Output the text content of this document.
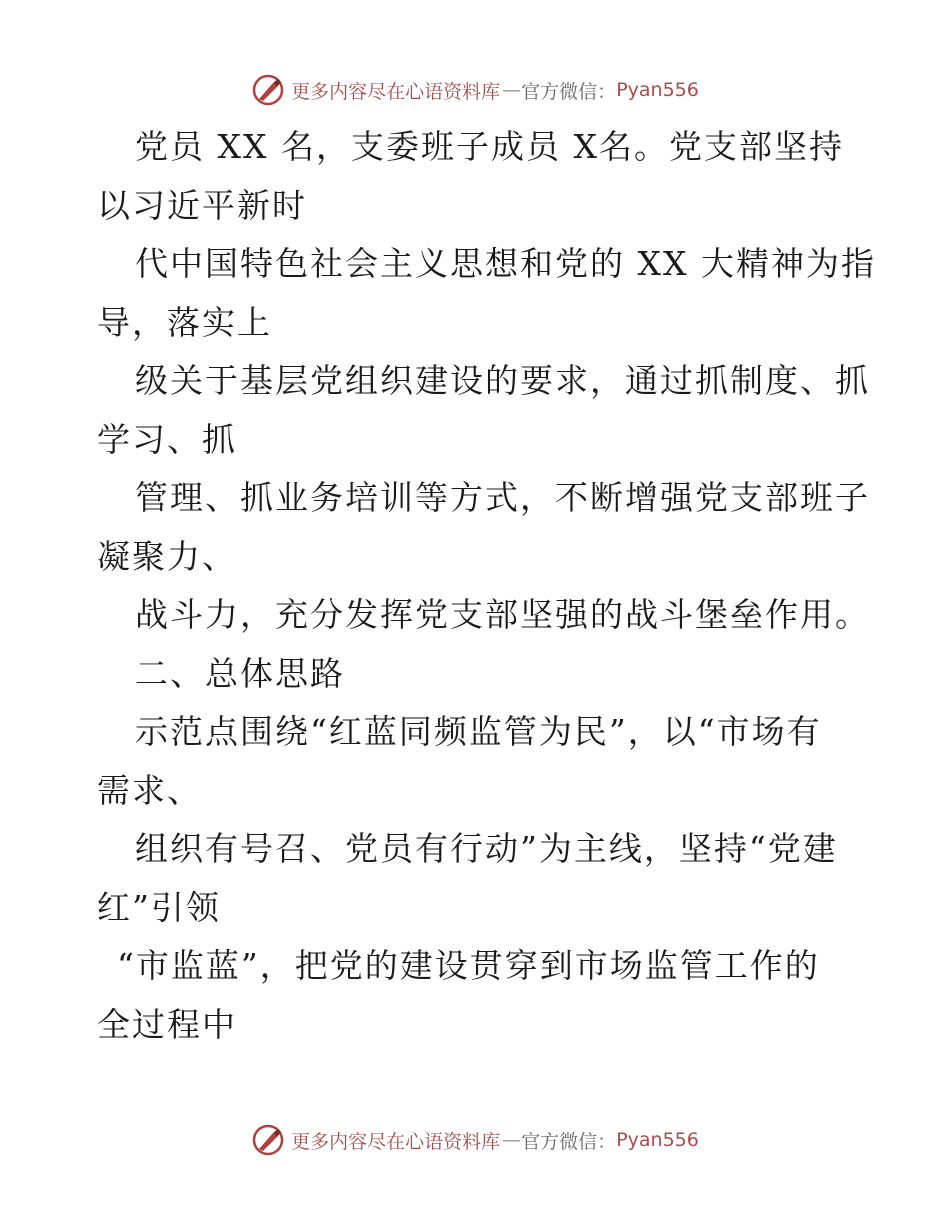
更多内容尽在心语资料库 — 官方微信： Pyan556
党员 XX 名，支委班子成员 X名。党支部坚持
以习近平新时
代中国特色社会主义思想和党的 XX 大精神为指
导，落实上
级关于基层党组织建设的要求，通过抓制度、抓
学习、抓
管理、抓业务培训等方式，不断增强党支部班子
凝聚力、
战斗力，充分发挥党支部坚强的战斗堡垒作用。
二、总体思路
示范点围绕“红蓝同频监管为民”，以“市场有
需求、
组织有号召、党员有行动”为主线，坚持“党建
红”引领
“市监蓝”，把党的建设贯穿到市场监管工作的
全过程中
更多内容尽在心语资料库 — 官方微信： Pyan556
